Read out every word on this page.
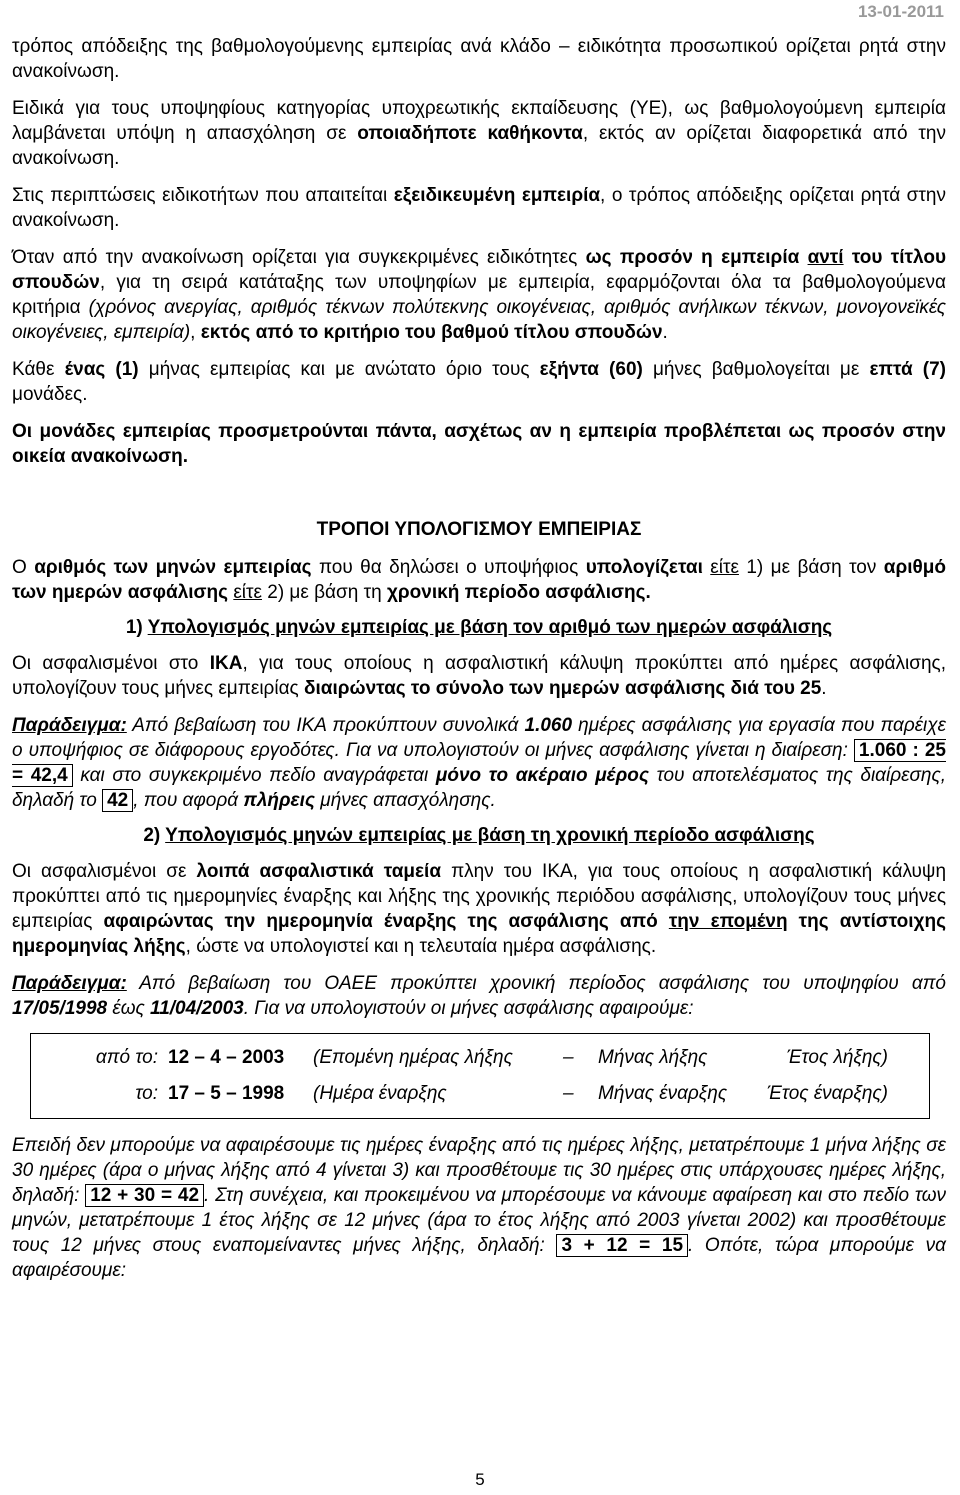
13-01-2011

τρόπος απόδειξης της βαθμολογούμενης εμπειρίας ανά κλάδο – ειδικότητα προσωπικού ορίζεται ρητά στην ανακοίνωση.

Ειδικά για τους υποψηφίους κατηγορίας υποχρεωτικής εκπαίδευσης (ΥΕ), ως βαθμολογούμενη εμπειρία λαμβάνεται υπόψη η απασχόληση σε οποιαδήποτε καθήκοντα, εκτός αν ορίζεται διαφορετικά από την ανακοίνωση.

Στις περιπτώσεις ειδικοτήτων που απαιτείται εξειδικευμένη εμπειρία, ο τρόπος απόδειξης ορίζεται ρητά στην ανακοίνωση.

Όταν από την ανακοίνωση ορίζεται για συγκεκριμένες ειδικότητες ως προσόν η εμπειρία αντί του τίτλου σπουδών, για τη σειρά κατάταξης των υποψηφίων με εμπειρία, εφαρμόζονται όλα τα βαθμολογούμενα κριτήρια (χρόνος ανεργίας, αριθμός τέκνων πολύτεκνης οικογένειας, αριθμός ανήλικων τέκνων, μονογονεϊκές οικογένειες, εμπειρία), εκτός από το κριτήριο του βαθμού τίτλου σπουδών.

Κάθε ένας (1) μήνας εμπειρίας και με ανώτατο όριο τους εξήντα (60) μήνες βαθμολογείται με επτά (7) μονάδες.

Οι μονάδες εμπειρίας προσμετρούνται πάντα, ασχέτως αν η εμπειρία προβλέπεται ως προσόν στην οικεία ανακοίνωση.

ΤΡΟΠΟΙ ΥΠΟΛΟΓΙΣΜΟΥ ΕΜΠΕΙΡΙΑΣ

Ο αριθμός των μηνών εμπειρίας που θα δηλώσει ο υποψήφιος υπολογίζεται είτε 1) με βάση τον αριθμό των ημερών ασφάλισης είτε 2) με βάση τη χρονική περίοδο ασφάλισης.

1) Υπολογισμός μηνών εμπειρίας με βάση τον αριθμό των ημερών ασφάλισης

Οι ασφαλισμένοι στο ΙΚΑ, για τους οποίους η ασφαλιστική κάλυψη προκύπτει από ημέρες ασφάλισης, υπολογίζουν τους μήνες εμπειρίας διαιρώντας το σύνολο των ημερών ασφάλισης διά του 25.

Παράδειγμα: Από βεβαίωση του ΙΚΑ προκύπτουν συνολικά 1.060 ημέρες ασφάλισης για εργασία που παρέιχε ο υποψήφιος σε διάφορους εργοδότες. Για να υπολογιστούν οι μήνες ασφάλισης γίνεται η διαίρεση: 1.060 : 25 = 42,4 και στο συγκεκριμένο πεδίο αναγράφεται μόνο το ακέραιο μέρος του αποτελέσματος της διαίρεσης, δηλαδή το 42 , που αφορά πλήρεις μήνες απασχόλησης.

2) Υπολογισμός μηνών εμπειρίας με βάση τη χρονική περίοδο ασφάλισης

Οι ασφαλισμένοι σε λοιπά ασφαλιστικά ταμεία πλην του ΙΚΑ, για τους οποίους η ασφαλιστική κάλυψη προκύπτει από τις ημερομηνίες έναρξης και λήξης της χρονικής περιόδου ασφάλισης, υπολογίζουν τους μήνες εμπειρίας αφαιρώντας την ημερομηνία έναρξης της ασφάλισης από την επομένη της αντίστοιχης ημερομηνίας λήξης, ώστε να υπολογιστεί και η τελευταία ημέρα ασφάλισης.

Παράδειγμα: Από βεβαίωση του ΟΑΕΕ προκύπτει χρονική περίοδος ασφάλισης του υποψηφίου από 17/05/1998 έως 11/04/2003. Για να υπολογιστούν οι μήνες ασφάλισης αφαιρούμε:

από το: 12 – 4 – 2003	(Επομένη ημέρας λήξης	–	Μήνας λήξης	Έτος λήξης)
το: 17 – 5 – 1998	(Ημέρα έναρξης	–	Μήνας έναρξης	Έτος έναρξης)

Επειδή δεν μπορούμε να αφαιρέσουμε τις ημέρες έναρξης από τις ημέρες λήξης, μετατρέπουμε 1 μήνα λήξης σε 30 ημέρες (άρα ο μήνας λήξης από 4 γίνεται 3) και προσθέτουμε τις 30 ημέρες στις υπάρχουσες ημέρες λήξης, δηλαδή: 12 + 30 = 42 . Στη συνέχεια, και προκειμένου να μπορέσουμε να κάνουμε αφαίρεση και στο πεδίο των μηνών, μετατρέπουμε 1 έτος λήξης σε 12 μήνες (άρα το έτος λήξης από 2003 γίνεται 2002) και προσθέτουμε τους 12 μήνες στους εναπομείναντες μήνες λήξης, δηλαδή: 3 + 12 = 15 . Οπότε, τώρα μπορούμε να αφαιρέσουμε:

5
